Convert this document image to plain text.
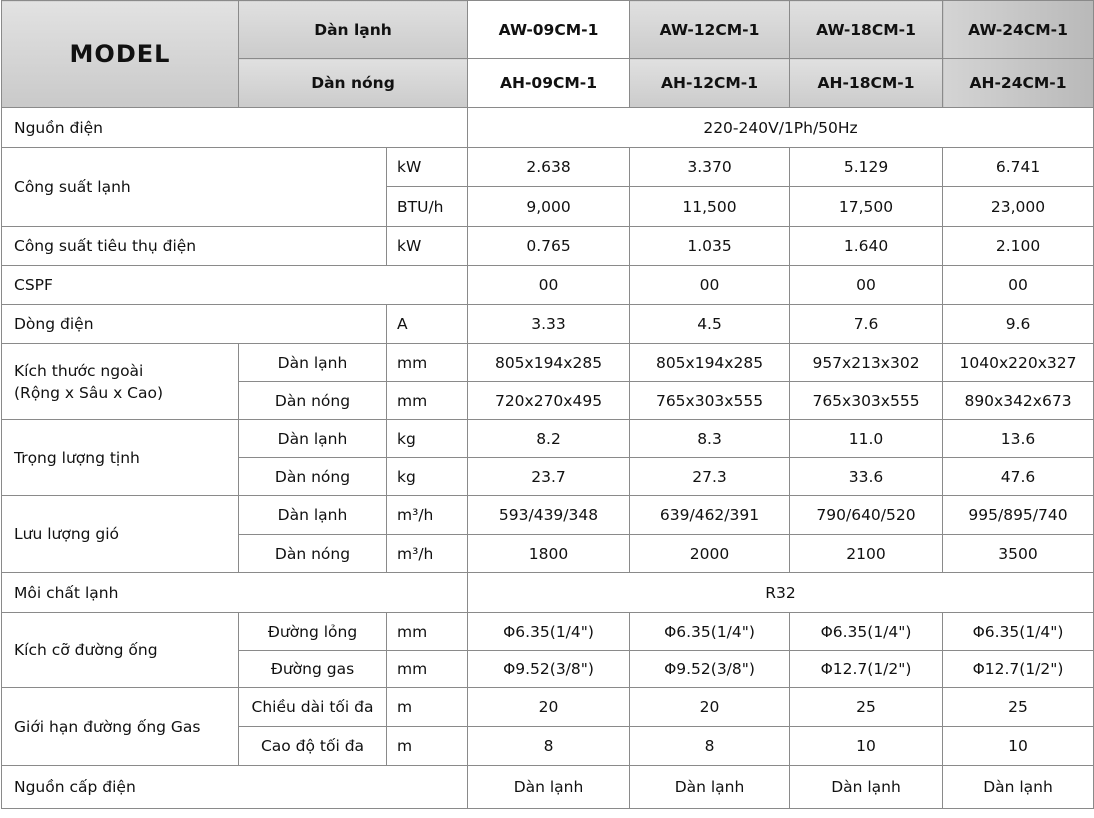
MODEL	Dàn lạnh		AW-09CM-1	AW-12CM-1	AW-18CM-1	AW-24CM-1
	Dàn nóng		AH-09CM-1	AH-12CM-1	AH-18CM-1	AH-24CM-1
Nguồn điện			220-240V/1Ph/50Hz			
Công suất lạnh		kW	2.638	3.370	5.129	6.741
		BTU/h	9,000	11,500	17,500	23,000
Công suất tiêu thụ điện		kW	0.765	1.035	1.640	2.100
CSPF			00	00	00	00
Dòng điện		A	3.33	4.5	7.6	9.6

Kích thước ngoài
(Rộng x Sâu x Cao)	Dàn lạnh	mm	805x194x285	805x194x285	957x213x302	1040x220x327
	Dàn nóng	mm	720x270x495	765x303x555	765x303x555	890x342x673
Trọng lượng tịnh	Dàn lạnh	kg	8.2	8.3	11.0	13.6
	Dàn nóng	kg	23.7	27.3	33.6	47.6
Lưu lượng gió	Dàn lạnh	m³/h	593/439/348	639/462/391	790/640/520	995/895/740
	Dàn nóng	m³/h	1800	2000	2100	3500
Môi chất lạnh			R32			
Kích cỡ đường ống	Đường lỏng	mm	Φ6.35(1/4")	Φ6.35(1/4")	Φ6.35(1/4")	Φ6.35(1/4")
	Đường gas	mm	Φ9.52(3/8")	Φ9.52(3/8")	Φ12.7(1/2")	Φ12.7(1/2")
Giới hạn đường ống Gas	Chiều dài tối đa	m	20	20	25	25
	Cao độ tối đa	m	8	8	10	10
Nguồn cấp điện			Dàn lạnh	Dàn lạnh	Dàn lạnh	Dàn lạnh
